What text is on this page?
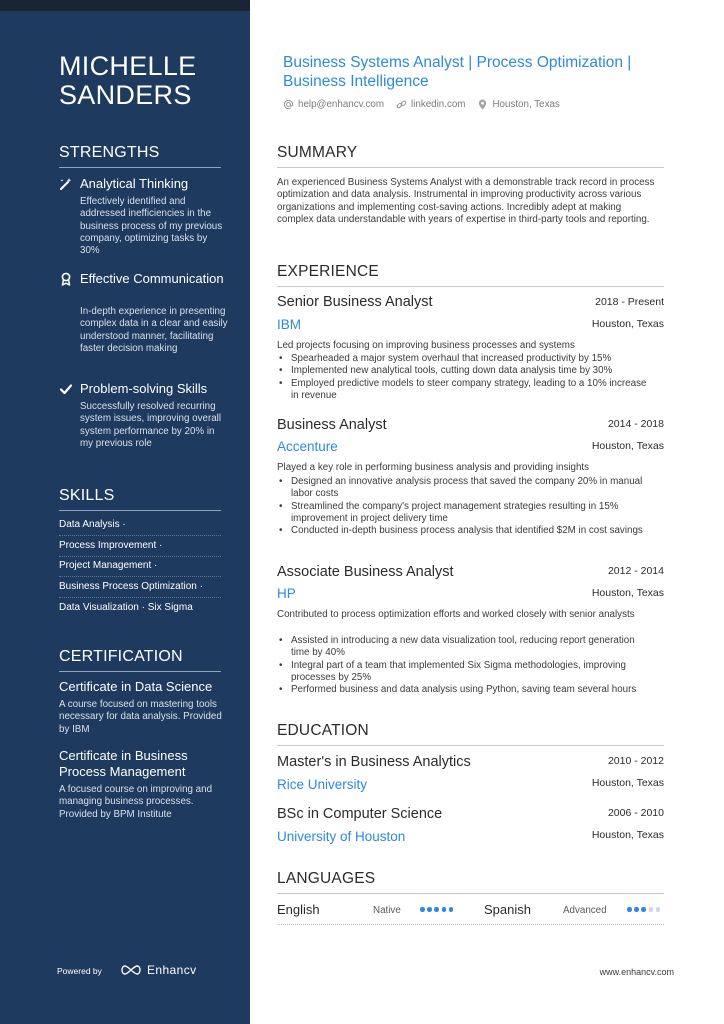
MICHELLE
SANDERS
STRENGTHS
Analytical Thinking
Effectively identified and addressed inefficiencies in the business process of my previous company, optimizing tasks by 30%
Effective Communication
In-depth experience in presenting complex data in a clear and easily understood manner, facilitating faster decision making
Problem-solving Skills
Successfully resolved recurring system issues, improving overall system performance by 20% in my previous role
SKILLS
Data Analysis ·
Process Improvement ·
Project Management ·
Business Process Optimization ·
Data Visualization · Six Sigma
CERTIFICATION
Certificate in Data Science
A course focused on mastering tools necessary for data analysis. Provided by IBM
Certificate in Business Process Management
A focused course on improving and managing business processes. Provided by BPM Institute
Powered by	Enhancv
Business Systems Analyst | Process Optimization | Business Intelligence
help@enhancv.com	linkedin.com	Houston, Texas
SUMMARY
An experienced Business Systems Analyst with a demonstrable track record in process optimization and data analysis. Instrumental in improving productivity across various organizations and implementing cost-saving actions. Incredibly adept at making complex data understandable with years of expertise in third-party tools and reporting.
EXPERIENCE
Senior Business Analyst	2018 - Present
IBM	Houston, Texas
Led projects focusing on improving business processes and systems
• Spearheaded a major system overhaul that increased productivity by 15%
• Implemented new analytical tools, cutting down data analysis time by 30%
• Employed predictive models to steer company strategy, leading to a 10% increase in revenue
Business Analyst	2014 - 2018
Accenture	Houston, Texas
Played a key role in performing business analysis and providing insights
• Designed an innovative analysis process that saved the company 20% in manual labor costs
• Streamlined the company's project management strategies resulting in 15% improvement in project delivery time
• Conducted in-depth business process analysis that identified $2M in cost savings
Associate Business Analyst	2012 - 2014
HP	Houston, Texas
Contributed to process optimization efforts and worked closely with senior analysts
• Assisted in introducing a new data visualization tool, reducing report generation time by 40%
• Integral part of a team that implemented Six Sigma methodologies, improving processes by 25%
• Performed business and data analysis using Python, saving team several hours
EDUCATION
Master's in Business Analytics	2010 - 2012
Rice University	Houston, Texas
BSc in Computer Science	2006 - 2010
University of Houston	Houston, Texas
LANGUAGES
English	Native	Spanish	Advanced
www.enhancv.com
